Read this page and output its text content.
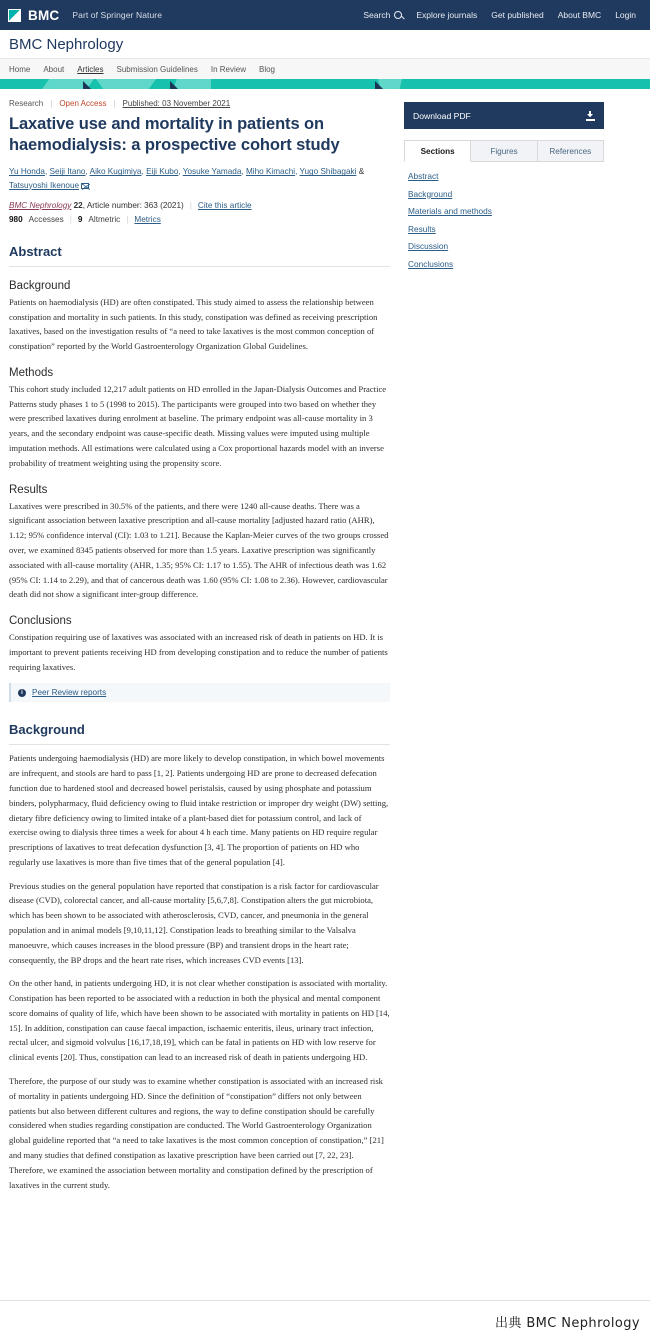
BMC Part of Springer Nature	Search	Explore journals Get published About BMC Login
BMC Nephrology
Home About Articles Submission Guidelines In Review Blog
Research | Open Access | Published: 03 November 2021
Laxative use and mortality in patients on haemodialysis: a prospective cohort study
Yu Honda, Seiji Itano, Aiko Kugimiya, Eiji Kubo, Yosuke Yamada, Miho Kimachi, Yugo Shibagaki & Tatsuyoshi Ikenoue
BMC Nephrology 22, Article number: 363 (2021) | Cite this article
980 Accesses | 9 Altmetric | Metrics
Abstract
Background

Patients on haemodialysis (HD) are often constipated. This study aimed to assess the relationship between constipation and mortality in such patients. In this study, constipation was defined as receiving prescription laxatives, based on the investigation results of “a need to take laxatives is the most common conception of constipation” reported by the World Gastroenterology Organization Global Guidelines.

Methods

This cohort study included 12,217 adult patients on HD enrolled in the Japan-Dialysis Outcomes and Practice Patterns study phases 1 to 5 (1998 to 2015). The participants were grouped into two based on whether they were prescribed laxatives during enrolment at baseline. The primary endpoint was all-cause mortality in 3 years, and the secondary endpoint was cause-specific death. Missing values were imputed using multiple imputation methods. All estimations were calculated using a Cox proportional hazards model with an inverse probability of treatment weighting using the propensity score.

Results

Laxatives were prescribed in 30.5% of the patients, and there were 1240 all-cause deaths. There was a significant association between laxative prescription and all-cause mortality [adjusted hazard ratio (AHR), 1.12; 95% confidence interval (CI): 1.03 to 1.21]. Because the Kaplan-Meier curves of the two groups crossed over, we examined 8345 patients observed for more than 1.5 years. Laxative prescription was significantly associated with all-cause mortality (AHR, 1.35; 95% CI: 1.17 to 1.55). The AHR of infectious death was 1.62 (95% CI: 1.14 to 2.29), and that of cancerous death was 1.60 (95% CI: 1.08 to 2.36). However, cardiovascular death did not show a significant inter-group difference.

Conclusions

Constipation requiring use of laxatives was associated with an increased risk of death in patients on HD. It is important to prevent patients receiving HD from developing constipation and to reduce the number of patients requiring laxatives.

i	Peer Review reports
Background

Patients undergoing haemodialysis (HD) are more likely to develop constipation, in which bowel movements are infrequent, and stools are hard to pass [1, 2]. Patients undergoing HD are prone to decreased defecation function due to hardened stool and decreased bowel peristalsis, caused by using phosphate and potassium binders, polypharmacy, fluid deficiency owing to fluid intake restriction or improper dry weight (DW) setting, dietary fibre deficiency owing to limited intake of a plant-based diet for potassium control, and lack of exercise owing to dialysis three times a week for about 4 h each time. Many patients on HD require regular prescriptions of laxatives to treat defecation dysfunction [3, 4]. The proportion of patients on HD who regularly use laxatives is more than five times that of the general population [4].

Previous studies on the general population have reported that constipation is a risk factor for cardiovascular disease (CVD), colorectal cancer, and all-cause mortality [5,6,7,8]. Constipation alters the gut microbiota, which has been shown to be associated with atherosclerosis, CVD, cancer, and pneumonia in the general population and in animal models [9,10,11,12]. Constipation leads to breathing similar to the Valsalva manoeuvre, which causes increases in the blood pressure (BP) and transient drops in the heart rate; consequently, the BP drops and the heart rate rises, which increases CVD events [13].

On the other hand, in patients undergoing HD, it is not clear whether constipation is associated with mortality. Constipation has been reported to be associated with a reduction in both the physical and mental component score domains of quality of life, which have been shown to be associated with mortality in patients on HD [14, 15]. In addition, constipation can cause faecal impaction, ischaemic enteritis, ileus, urinary tract infection, rectal ulcer, and sigmoid volvulus [16,17,18,19], which can be fatal in patients on HD with low reserve for clinical events [20]. Thus, constipation can lead to an increased risk of death in patients undergoing HD.

Therefore, the purpose of our study was to examine whether constipation is associated with an increased risk of mortality in patients undergoing HD. Since the definition of “constipation” differs not only between patients but also between different cultures and regions, the way to define constipation should be carefully considered when studies regarding constipation are conducted. The World Gastroenterology Organization global guideline reported that “a need to take laxatives is the most common conception of constipation,” [21] and many studies that defined constipation as laxative prescription have been carried out [7, 22, 23]. Therefore, we examined the association between mortality and constipation defined by the prescription of laxatives in the current study.

Download PDF
Sections	Figures	References
Abstract
Background
Materials and methods
Results
Discussion
Conclusions
出典 BMC Nephrology
